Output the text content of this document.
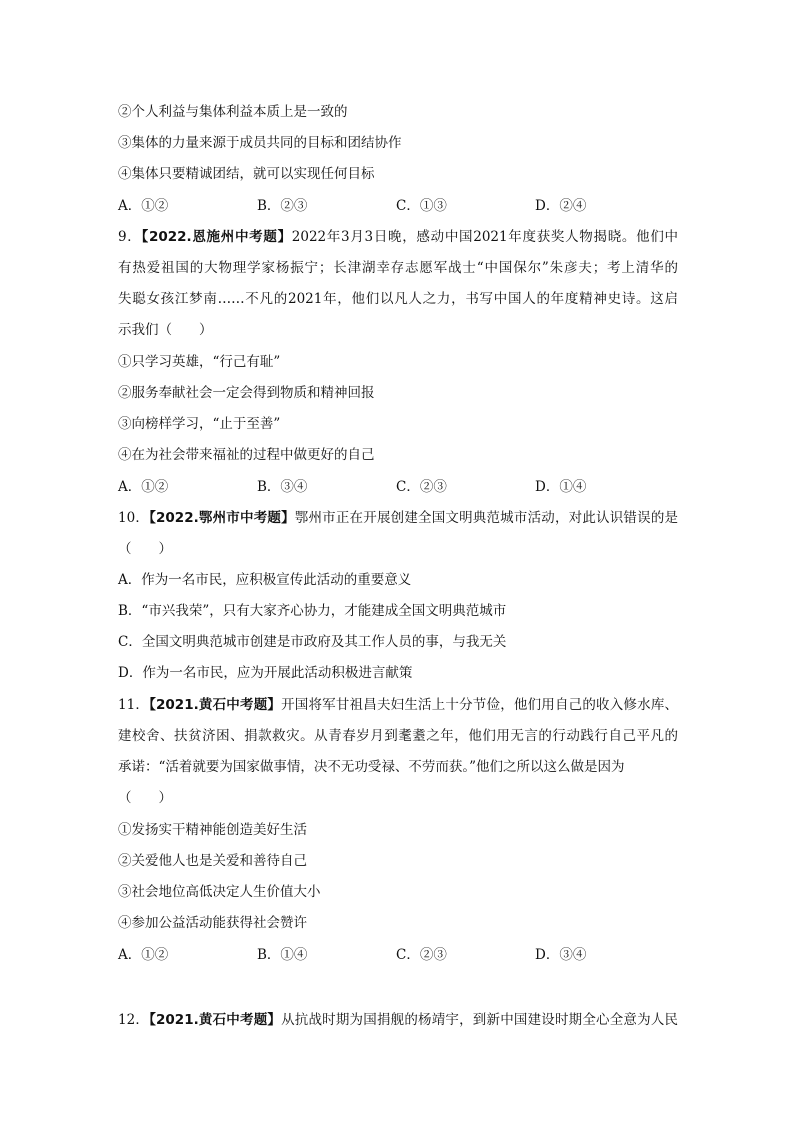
②个人利益与集体利益本质上是一致的
③集体的力量来源于成员共同的目标和团结协作
④集体只要精诚团结，就可以实现任何目标
A．①②	B．②③	C．①③	D．②④
9．【2022.恩施州中考题】2022年3月3日晚，感动中国2021年度获奖人物揭晓。他们中
有热爱祖国的大物理学家杨振宁；长津湖幸存志愿军战士“中国保尔”朱彦夫；考上清华的
失聪女孩江梦南……不凡的2021年，他们以凡人之力，书写中国人的年度精神史诗。这启
示我们（　　）
①只学习英雄，“行己有耻”
②服务奉献社会一定会得到物质和精神回报
③向榜样学习，“止于至善”
④在为社会带来福祉的过程中做更好的自己
A．①②	B．③④	C．②③	D．①④
10．【2022.鄂州市中考题】鄂州市正在开展创建全国文明典范城市活动，对此认识错误的是
（　　）
A．作为一名市民，应积极宣传此活动的重要意义
B．“市兴我荣”，只有大家齐心协力，才能建成全国文明典范城市
C．全国文明典范城市创建是市政府及其工作人员的事，与我无关
D．作为一名市民，应为开展此活动积极进言献策
11．【2021.黄石中考题】开国将军甘祖昌夫妇生活上十分节俭，他们用自己的收入修水库、
建校舍、扶贫济困、捐款救灾。从青春岁月到耄耋之年，他们用无言的行动践行自己平凡的
承诺：“活着就要为国家做事情，决不无功受禄、不劳而获。”他们之所以这么做是因为
（　　）
①发扬实干精神能创造美好生活
②关爱他人也是关爱和善待自己
③社会地位高低决定人生价值大小
④参加公益活动能获得社会赞许
A．①②	B．①④	C．②③	D．③④
12．【2021.黄石中考题】从抗战时期为国捐舰的杨靖宇，到新中国建设时期全心全意为人民
